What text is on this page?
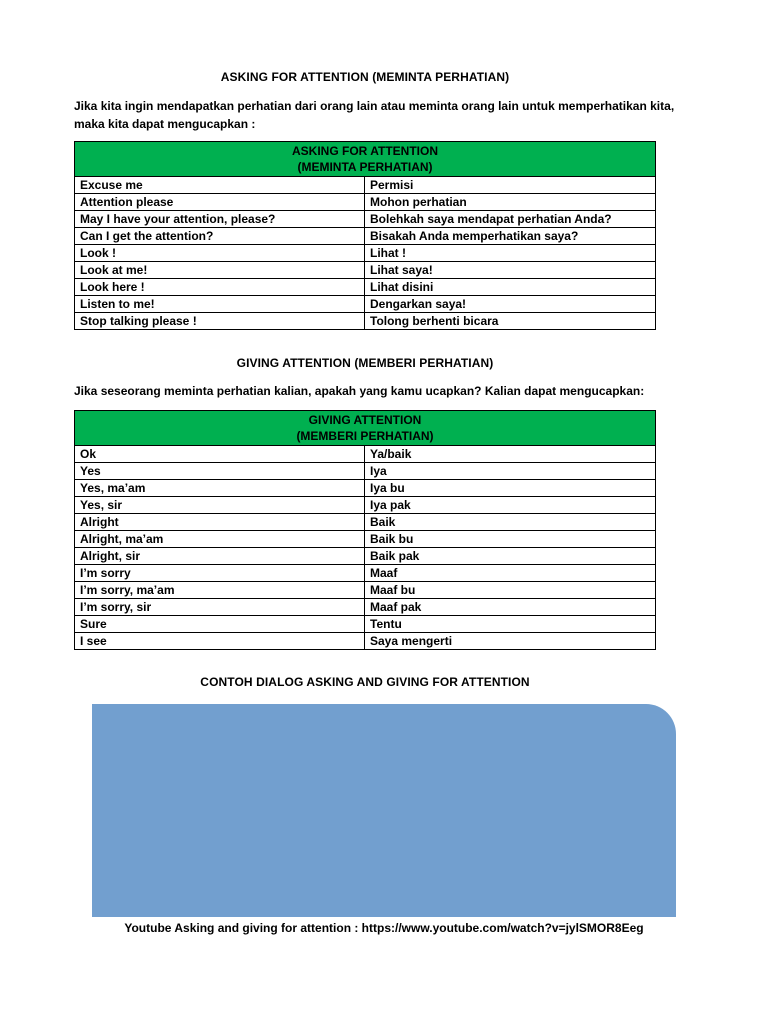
ASKING FOR ATTENTION (MEMINTA PERHATIAN)
Jika kita ingin mendapatkan perhatian dari orang lain atau meminta orang lain untuk memperhatikan kita,
maka kita dapat mengucapkan :
ASKING FOR ATTENTION
(MEMINTA PERHATIAN)	

Excuse me	Permisi
Attention please	Mohon perhatian
May I have your attention, please?	Bolehkah saya mendapat perhatian Anda?
Can I get the attention?	Bisakah Anda memperhatikan saya?
Look !	Lihat !
Look at me!	Lihat saya!
Look here !	Lihat disini
Listen to me!	Dengarkan saya!
Stop talking please !	Tolong berhenti bicara
GIVING ATTENTION (MEMBERI PERHATIAN)
Jika seseorang meminta perhatian kalian, apakah yang kamu ucapkan? Kalian dapat mengucapkan:
GIVING ATTENTION
(MEMBERI PERHATIAN)	

Ok	Ya/baik
Yes	Iya
Yes, ma’am	Iya bu
Yes, sir	Iya pak
Alright	Baik
Alright, ma’am	Baik bu
Alright, sir	Baik pak
I’m sorry	Maaf
I’m sorry, ma’am	Maaf bu
I’m sorry, sir	Maaf pak
Sure	Tentu
I see	Saya mengerti
CONTOH DIALOG ASKING AND GIVING FOR ATTENTION
Youtube Asking and giving for attention : https://www.youtube.com/watch?v=jylSMOR8Eeg
